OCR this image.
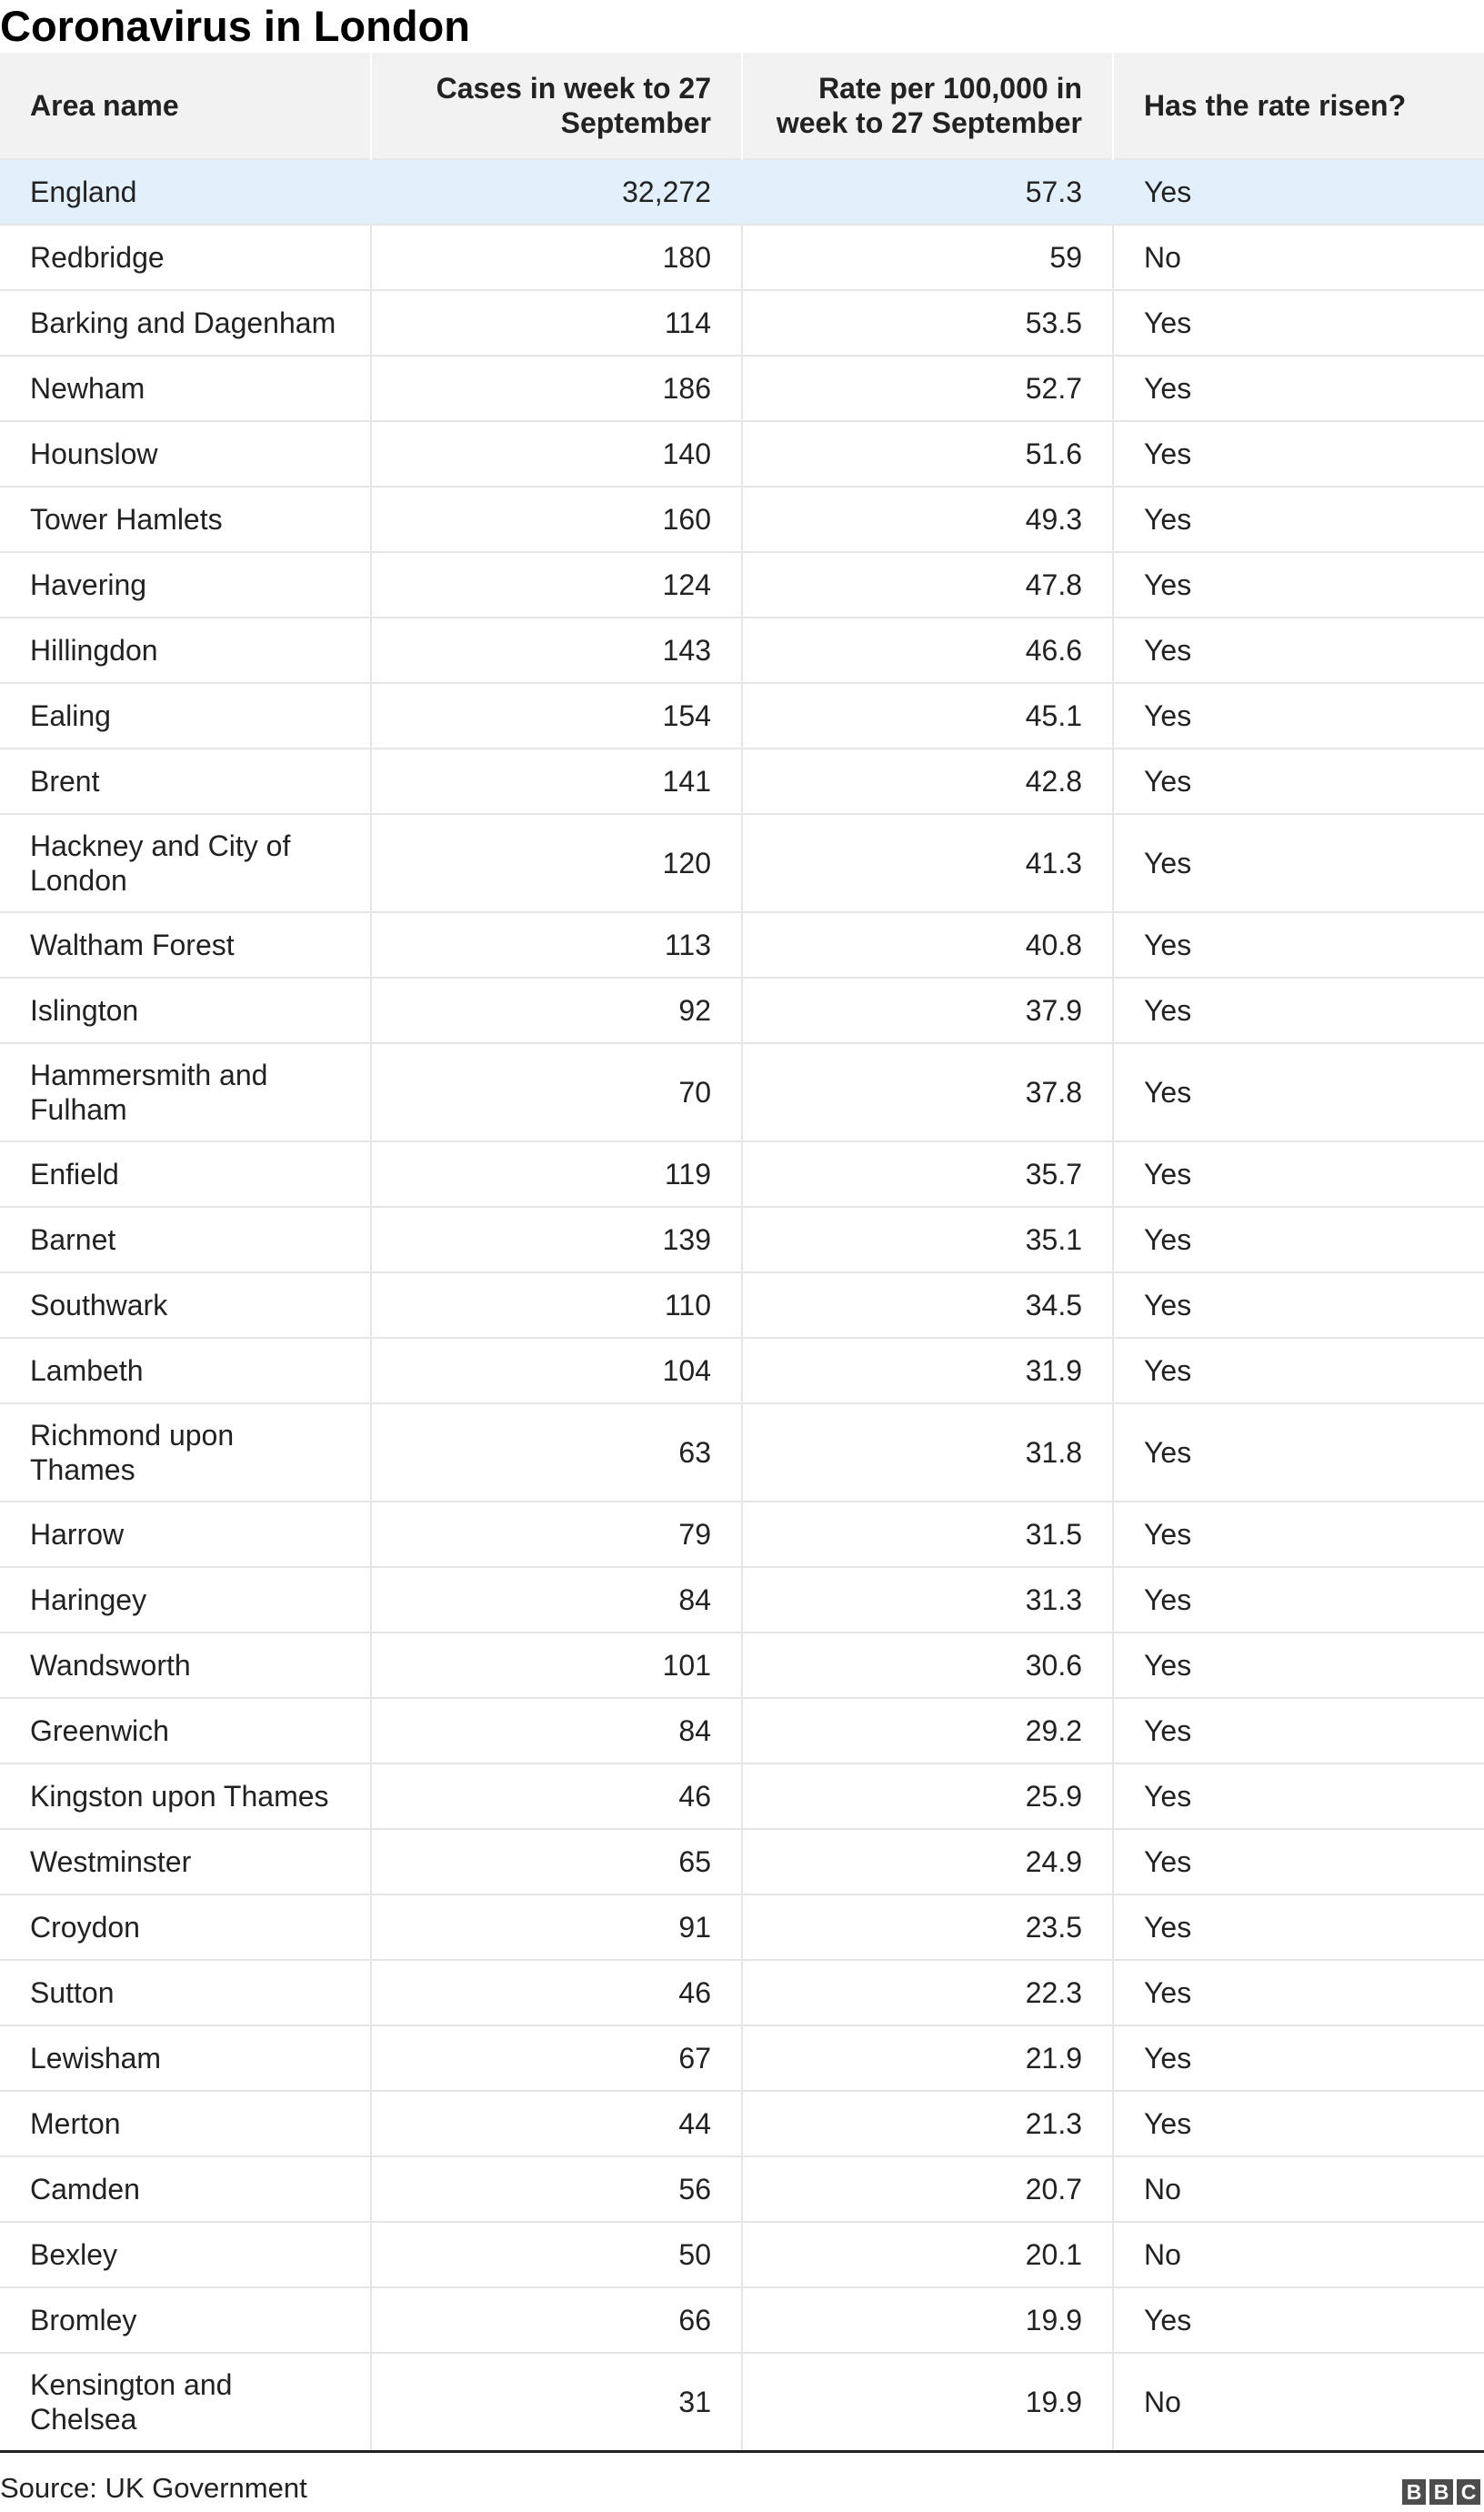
Coronavirus in London
Area name	Cases in week to 27 September	Rate per 100,000 in week to 27 September	Has the rate risen?
England	32,272	57.3	Yes
Redbridge	180	59	No
Barking and Dagenham	114	53.5	Yes
Newham	186	52.7	Yes
Hounslow	140	51.6	Yes
Tower Hamlets	160	49.3	Yes
Havering	124	47.8	Yes
Hillingdon	143	46.6	Yes
Ealing	154	45.1	Yes
Brent	141	42.8	Yes
Hackney and City of London	120	41.3	Yes
Waltham Forest	113	40.8	Yes
Islington	92	37.9	Yes
Hammersmith and Fulham	70	37.8	Yes
Enfield	119	35.7	Yes
Barnet	139	35.1	Yes
Southwark	110	34.5	Yes
Lambeth	104	31.9	Yes
Richmond upon Thames	63	31.8	Yes
Harrow	79	31.5	Yes
Haringey	84	31.3	Yes
Wandsworth	101	30.6	Yes
Greenwich	84	29.2	Yes
Kingston upon Thames	46	25.9	Yes
Westminster	65	24.9	Yes
Croydon	91	23.5	Yes
Sutton	46	22.3	Yes
Lewisham	67	21.9	Yes
Merton	44	21.3	Yes
Camden	56	20.7	No
Bexley	50	20.1	No
Bromley	66	19.9	Yes
Kensington and Chelsea	31	19.9	No
Source: UK Government	B B C
